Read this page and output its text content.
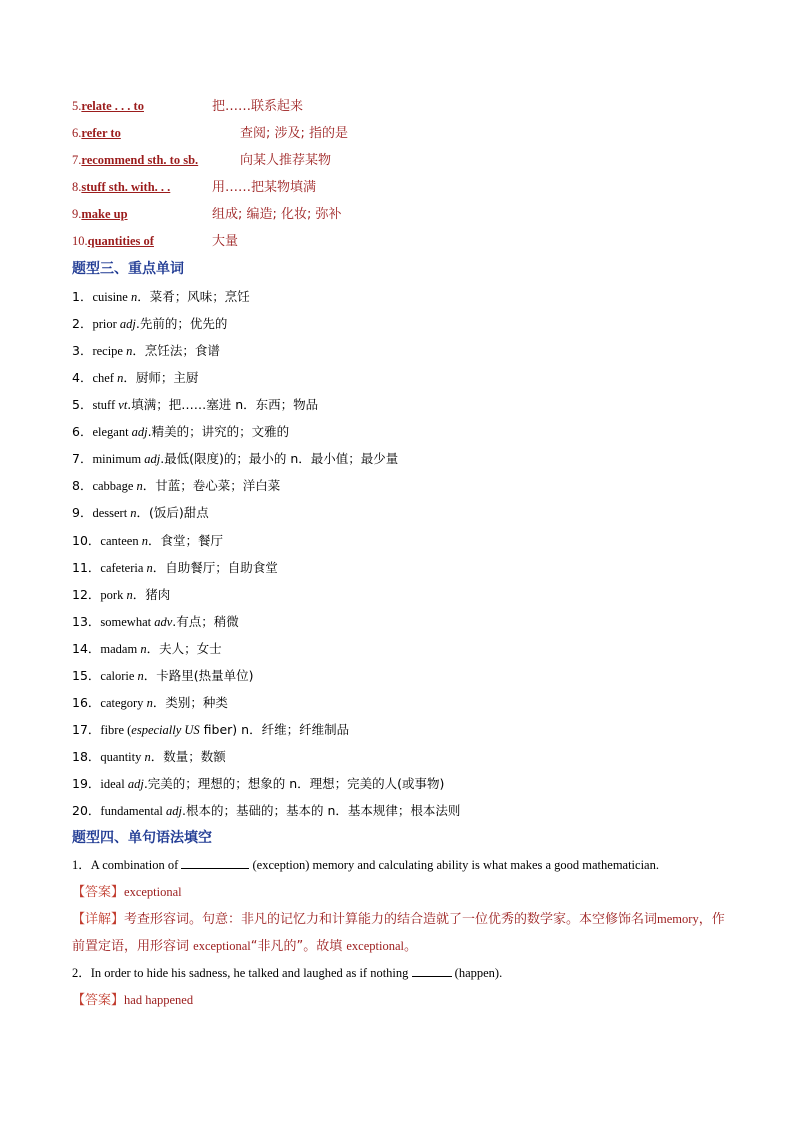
5.relate . . . to	把……联系起来
6.refer to	查阅; 涉及; 指的是
7.recommend sth. to sb.	向某人推荐某物
8.stuff sth. with. . .	用……把某物填满
9.make up	组成; 编造; 化妆; 弥补
10.quantities of	大量
题型三、重点单词
1．cuisine n．菜肴；风味；烹饪
2．prior adj.先前的；优先的
3．recipe n．烹饪法；食谱
4．chef n．厨师；主厨
5．stuff vt.填满；把……塞进 n．东西；物品
6．elegant adj.精美的；讲究的；文雅的
7．minimum adj.最低(限度)的；最小的 n．最小值；最少量
8．cabbage n．甘蓝；卷心菜；洋白菜
9．dessert n．(饭后)甜点
10．canteen n．食堂；餐厅
11．cafeteria n．自助餐厅；自助食堂
12．pork n．猪肉
13．somewhat adv.有点；稍微
14．madam n．夫人；女士
15．calorie n．卡路里(热量单位)
16．category n．类别；种类
17．fibre (especially US fiber) n．纤维；纤维制品
18．quantity n．数量；数额
19．ideal adj.完美的；理想的；想象的 n．理想；完美的人(或事物)
20．fundamental adj.根本的；基础的；基本的 n．基本规律；根本法则
题型四、单句语法填空
1．A combination of	(exception) memory and calculating ability is what makes a good mathematician.
【答案】exceptional
【详解】考查形容词。句意：非凡的记忆力和计算能力的结合造就了一位优秀的数学家。本空修饰名词memory，作前置定语，用形容词 exceptional“非凡的”。故填 exceptional。
2．In order to hide his sadness, he talked and laughed as if nothing	(happen).
【答案】had happened
